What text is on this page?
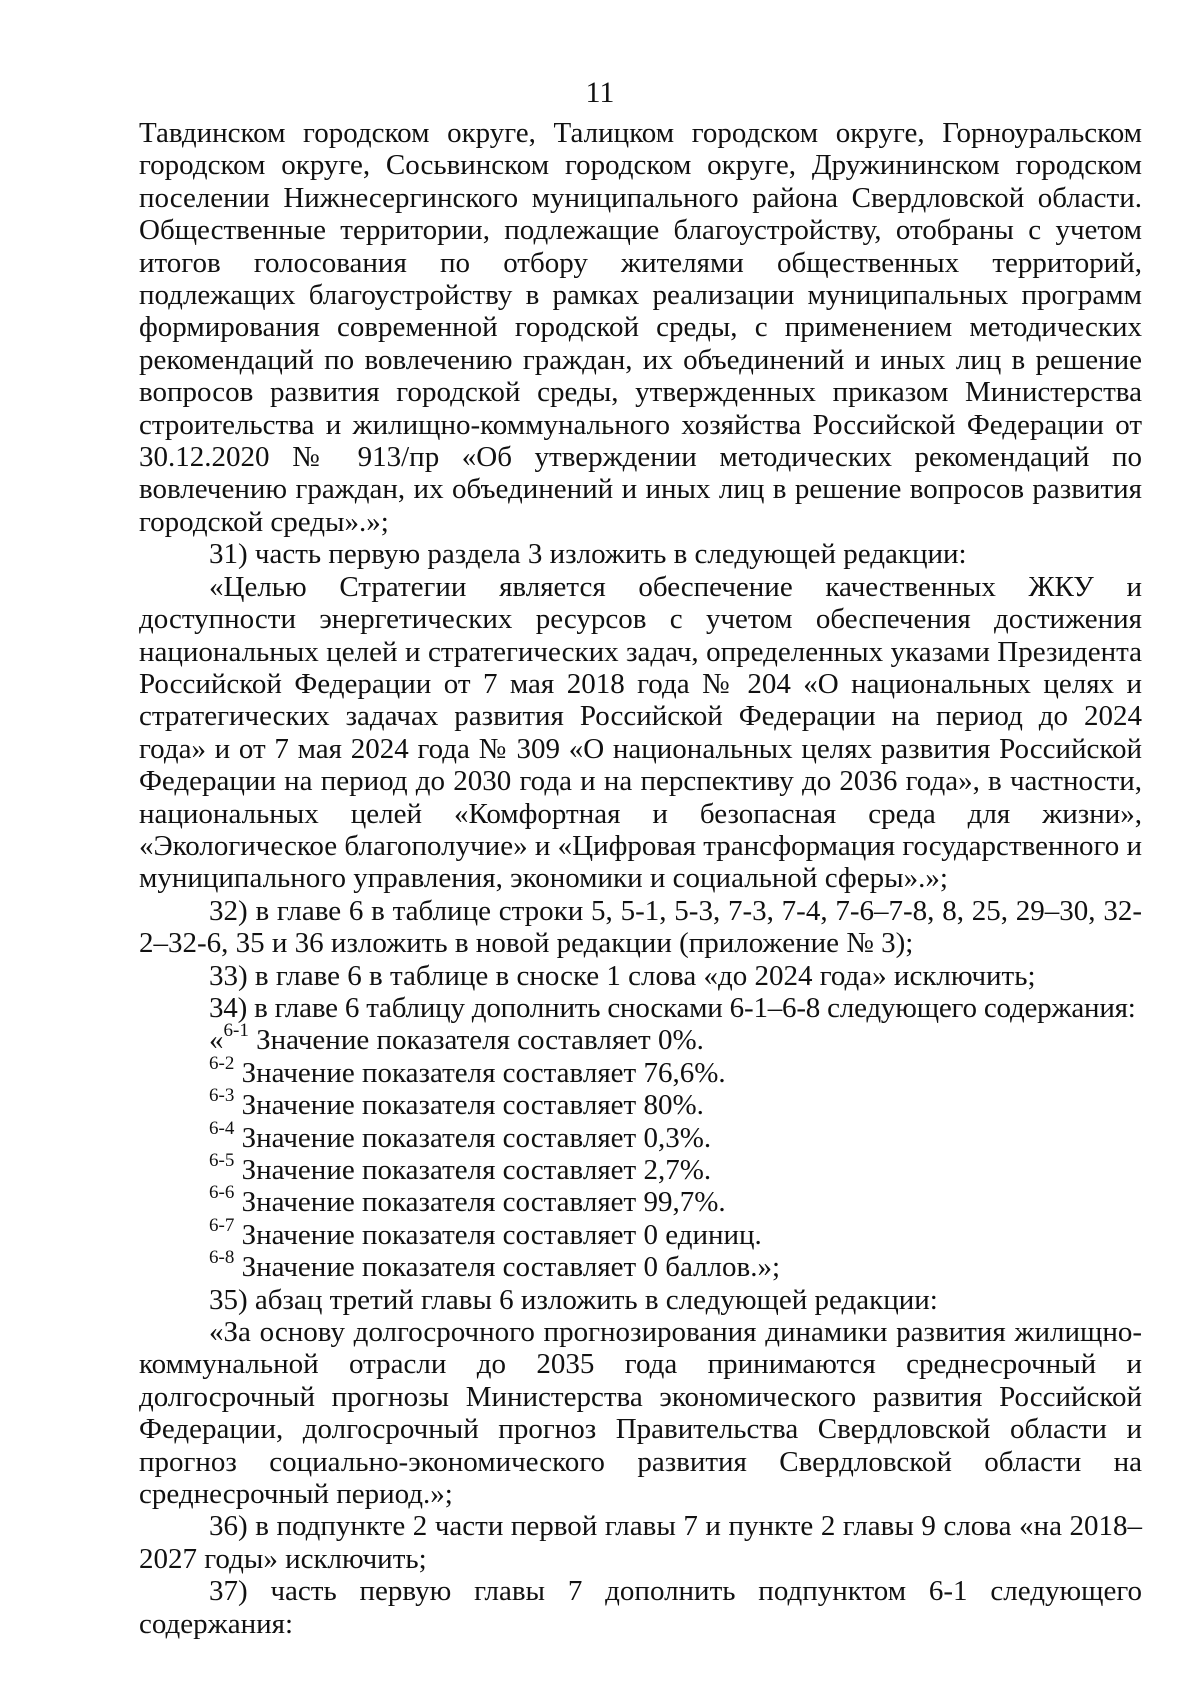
11

Тавдинском городском округе, Талицком городском округе, Горноуральском городском округе, Сосьвинском городском округе, Дружининском городском поселении Нижнесергинского муниципального района Свердловской области. Общественные территории, подлежащие благоустройству, отобраны с учетом итогов голосования по отбору жителями общественных территорий, подлежащих благоустройству в рамках реализации муниципальных программ формирования современной городской среды, с применением методических рекомендаций по вовлечению граждан, их объединений и иных лиц в решение вопросов развития городской среды, утвержденных приказом Министерства строительства и жилищно-коммунального хозяйства Российской Федерации от 30.12.2020 № 913/пр «Об утверждении методических рекомендаций по вовлечению граждан, их объединений и иных лиц в решение вопросов развития городской среды».»;

31) часть первую раздела 3 изложить в следующей редакции:

«Целью Стратегии является обеспечение качественных ЖКУ и доступности энергетических ресурсов с учетом обеспечения достижения национальных целей и стратегических задач, определенных указами Президента Российской Федерации от 7 мая 2018 года № 204 «О национальных целях и стратегических задачах развития Российской Федерации на период до 2024 года» и от 7 мая 2024 года № 309 «О национальных целях развития Российской Федерации на период до 2030 года и на перспективу до 2036 года», в частности, национальных целей «Комфортная и безопасная среда для жизни», «Экологическое благополучие» и «Цифровая трансформация государственного и муниципального управления, экономики и социальной сферы».»;

32) в главе 6 в таблице строки 5, 5-1, 5-3, 7-3, 7-4, 7-6–7-8, 8, 25, 29–30, 32-2–32-6, 35 и 36 изложить в новой редакции (приложение № 3);

33) в главе 6 в таблице в сноске 1 слова «до 2024 года» исключить;

34) в главе 6 таблицу дополнить сносками 6-1–6-8 следующего содержания:

«$^{6-1}$ Значение показателя составляет 0%.

$^{6-2}$ Значение показателя составляет 76,6%.

$^{6-3}$ Значение показателя составляет 80%.

$^{6-4}$ Значение показателя составляет 0,3%.

$^{6-5}$ Значение показателя составляет 2,7%.

$^{6-6}$ Значение показателя составляет 99,7%.

$^{6-7}$ Значение показателя составляет 0 единиц.

$^{6-8}$ Значение показателя составляет 0 баллов.»;

35) абзац третий главы 6 изложить в следующей редакции:

«За основу долгосрочного прогнозирования динамики развития жилищно-коммунальной отрасли до 2035 года принимаются среднесрочный и долгосрочный прогнозы Министерства экономического развития Российской Федерации, долгосрочный прогноз Правительства Свердловской области и прогноз социально-экономического развития Свердловской области на среднесрочный период.»;

36) в подпункте 2 части первой главы 7 и пункте 2 главы 9 слова «на 2018–2027 годы» исключить;

37) часть первую главы 7 дополнить подпунктом 6-1 следующего содержания:
